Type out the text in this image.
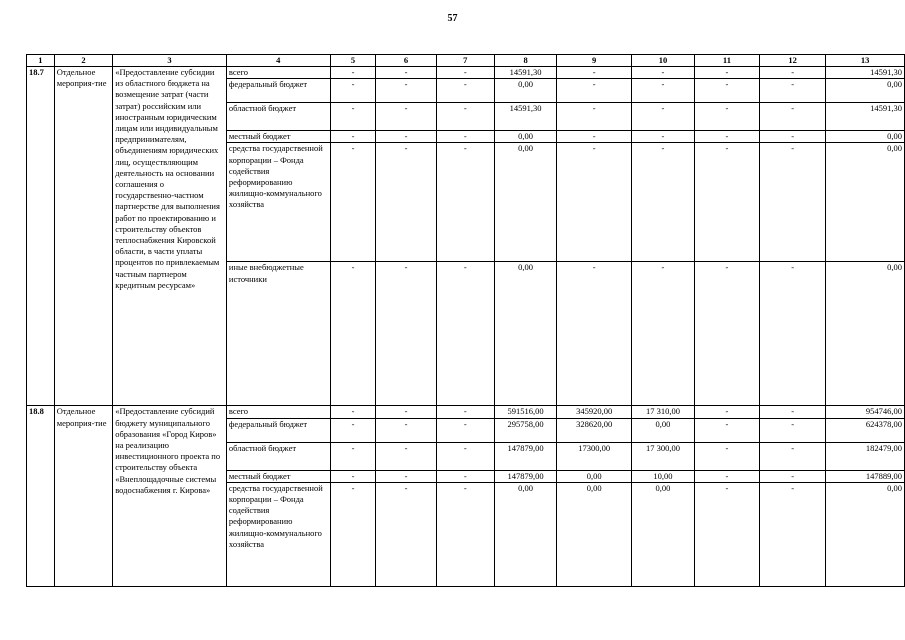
57
1	2	3	4	5	6	7	8	9	10	11	12	13
18.7	Отдельное мероприя-тие	«Предоставление субсидии из областного бюджета на возмещение затрат (части затрат) российским или иностранным юридическим лицам или индивидуальным предпринимателям, объединениям юридических лиц, осуществляющим деятельность на основании соглашения о государственно-частном партнерстве для выполнения работ по проектированию и строительству объектов теплоснабжения Кировской области, в части уплаты процентов по привлекаемым частным партнером кредитным ресурсам»	всего	-	-	-	14591,30	-	-	-	-	14591,30
			федеральный бюджет	-	-	-	0,00	-	-	-	-	0,00
			областной бюджет	-	-	-	14591,30	-	-	-	-	14591,30
			местный бюджет	-	-	-	0,00	-	-	-	-	0,00
			средства государственной корпорации – Фонда содействия реформированию жилищно-коммунального хозяйства	-	-	-	0,00	-	-	-	-	0,00
			иные внебюджетные источники	-	-	-	0,00	-	-	-	-	0,00
18.8	Отдельное мероприя-тие	«Предоставление субсидий бюджету муниципального образования «Город Киров» на реализацию инвестиционного проекта по строительству объекта «Внеплощадочные системы водоснабжения г. Кирова»	всего	-	-	-	591516,00	345920,00	17 310,00	-	-	954746,00
			федеральный бюджет	-	-	-	295758,00	328620,00	0,00	-	-	624378,00
			областной бюджет	-	-	-	147879,00	17300,00	17 300,00	-	-	182479,00
			местный бюджет	-	-	-	147879,00	0,00	10,00	-	-	147889,00
			средства государственной корпорации – Фонда содействия реформированию жилищно-коммунального хозяйства	-	-	-	0,00	0,00	0,00	-	-	0,00
